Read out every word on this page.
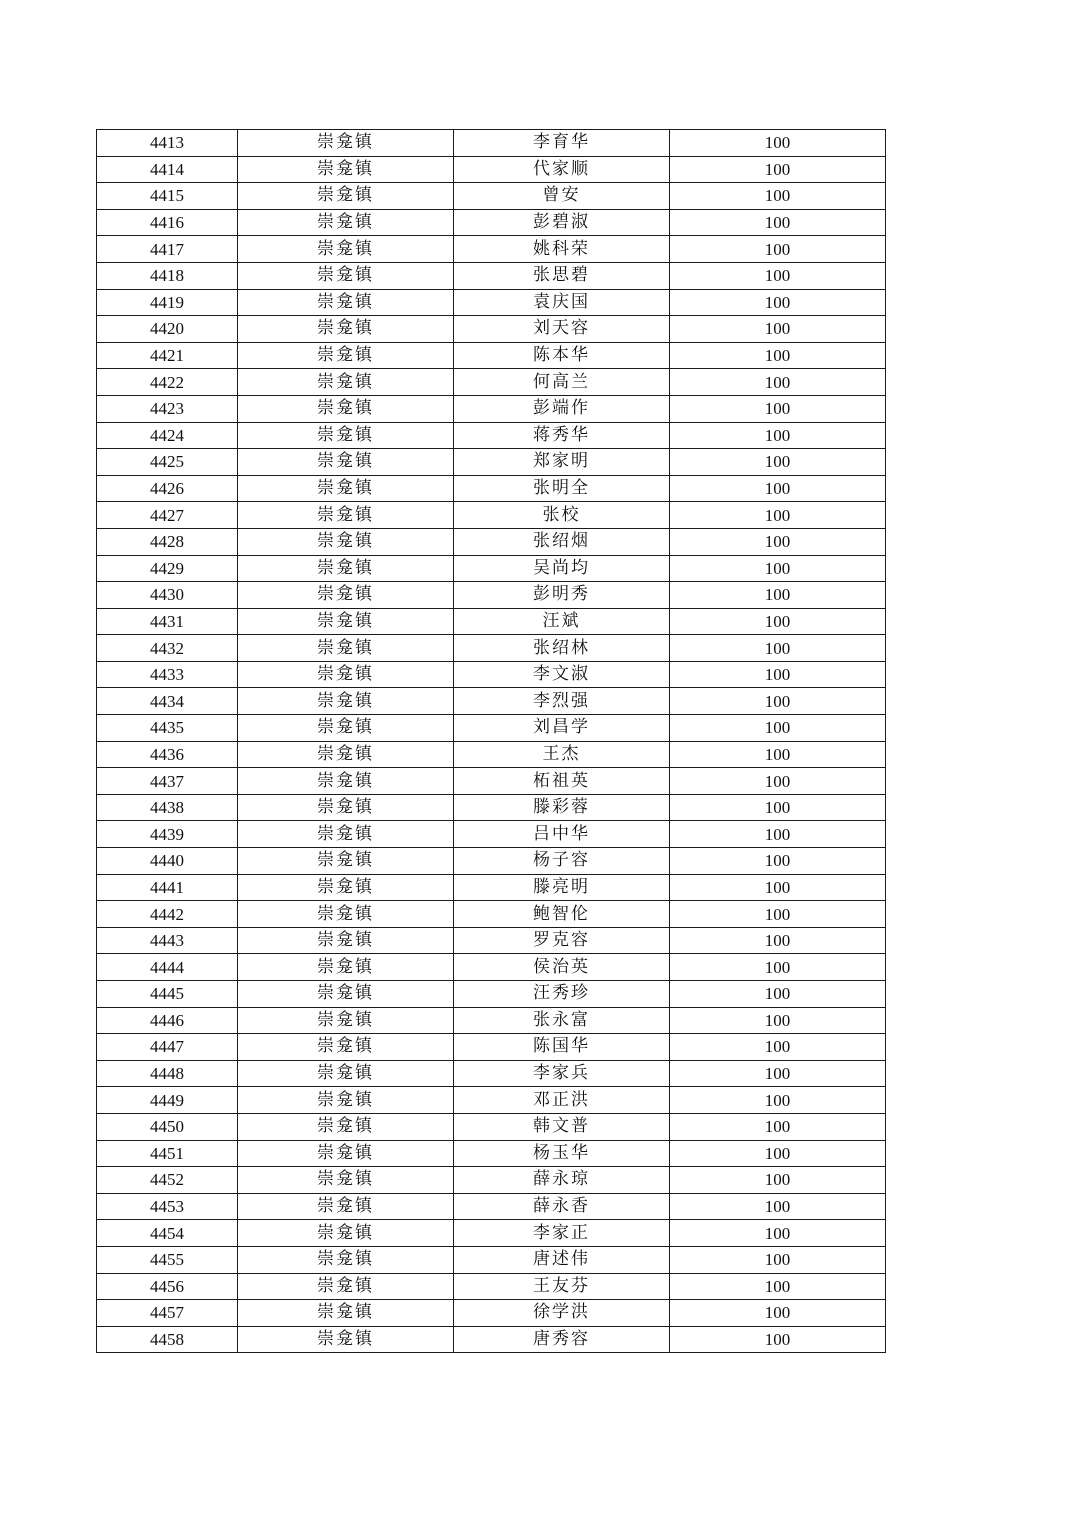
4413	崇龛镇	李育华	100
4414	崇龛镇	代家顺	100
4415	崇龛镇	曾安	100
4416	崇龛镇	彭碧淑	100
4417	崇龛镇	姚科荣	100
4418	崇龛镇	张思碧	100
4419	崇龛镇	袁庆国	100
4420	崇龛镇	刘天容	100
4421	崇龛镇	陈本华	100
4422	崇龛镇	何高兰	100
4423	崇龛镇	彭端作	100
4424	崇龛镇	蒋秀华	100
4425	崇龛镇	郑家明	100
4426	崇龛镇	张明全	100
4427	崇龛镇	张校	100
4428	崇龛镇	张绍烟	100
4429	崇龛镇	吴尚均	100
4430	崇龛镇	彭明秀	100
4431	崇龛镇	汪斌	100
4432	崇龛镇	张绍林	100
4433	崇龛镇	李文淑	100
4434	崇龛镇	李烈强	100
4435	崇龛镇	刘昌学	100
4436	崇龛镇	王杰	100
4437	崇龛镇	柘祖英	100
4438	崇龛镇	滕彩蓉	100
4439	崇龛镇	吕中华	100
4440	崇龛镇	杨子容	100
4441	崇龛镇	滕亮明	100
4442	崇龛镇	鲍智伦	100
4443	崇龛镇	罗克容	100
4444	崇龛镇	侯治英	100
4445	崇龛镇	汪秀珍	100
4446	崇龛镇	张永富	100
4447	崇龛镇	陈国华	100
4448	崇龛镇	李家兵	100
4449	崇龛镇	邓正洪	100
4450	崇龛镇	韩文普	100
4451	崇龛镇	杨玉华	100
4452	崇龛镇	薛永琼	100
4453	崇龛镇	薛永香	100
4454	崇龛镇	李家正	100
4455	崇龛镇	唐述伟	100
4456	崇龛镇	王友芬	100
4457	崇龛镇	徐学洪	100
4458	崇龛镇	唐秀容	100
